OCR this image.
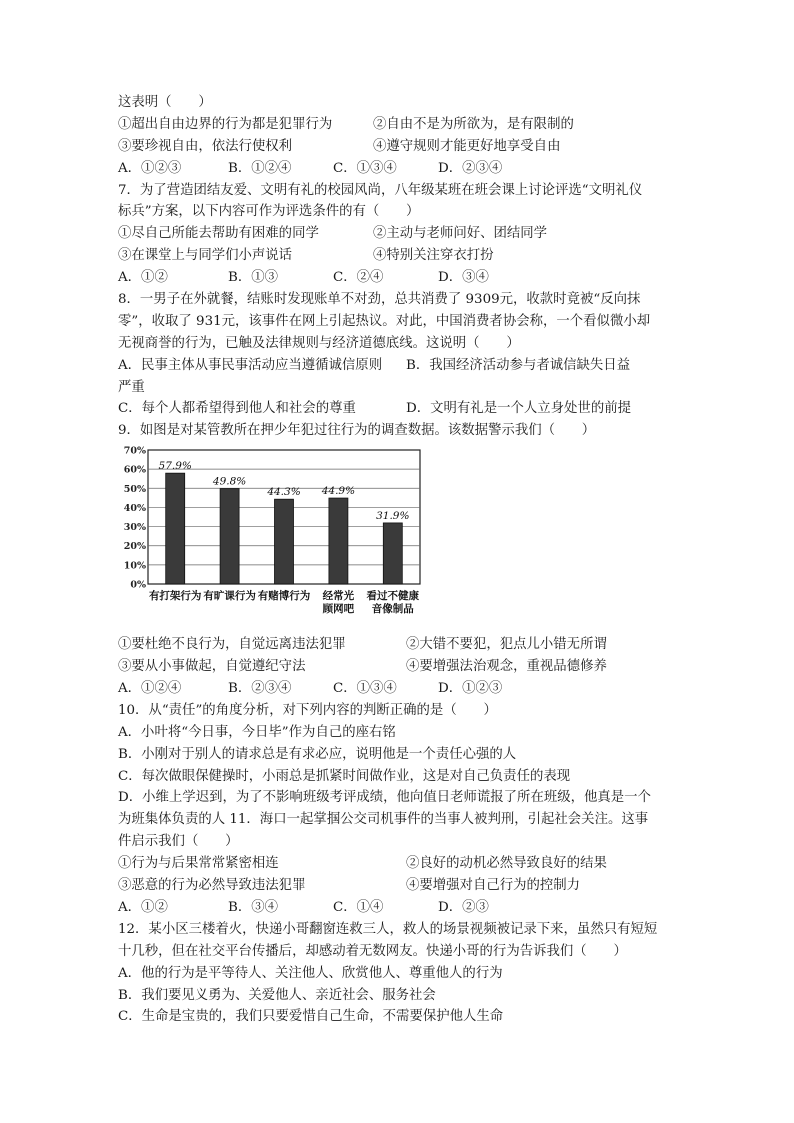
这表明（　　）
①超出自由边界的行为都是犯罪行为	②自由不是为所欲为，是有限制的
③要珍视自由，依法行使权利	④遵守规则才能更好地享受自由
A．①②③	B．①②④	C．①③④	D．②③④
7．为了营造团结友爱、文明有礼的校园风尚，八年级某班在班会课上讨论评选“文明礼仪
标兵”方案，以下内容可作为评选条件的有（　　）
①尽自己所能去帮助有困难的同学	②主动与老师问好、团结同学
③在课堂上与同学们小声说话	④特别关注穿衣打扮
A．①②	B．①③	C．②④	D．③④
8．一男子在外就餐，结账时发现账单不对劲，总共消费了 9309元，收款时竟被“反向抹
零”，收取了 931元，该事件在网上引起热议。对此，中国消费者协会称，一个看似微小却
无视商誉的行为，已触及法律规则与经济道德底线。这说明（　　）
A．民事主体从事民事活动应当遵循诚信原则 B．我国经济活动参与者诚信缺失日益
严重
C．每个人都希望得到他人和社会的尊重	D．文明有礼是一个人立身处世的前提
9．如图是对某管教所在押少年犯过往行为的调查数据。该数据警示我们（　　）
0%
10%
20%
30%
40%
50%
60%
70%
57.9%
有打架行为
49.8%
有旷课行为
44.3%
有赌博行为
44.9%
经常光
顾网吧
31.9%
看过不健康
音像制品
①要杜绝不良行为，自觉远离违法犯罪	②大错不要犯，犯点儿小错无所谓
③要从小事做起，自觉遵纪守法	④要增强法治观念，重视品德修养
A．①②④	B．②③④	C．①③④	D．①②③
10．从“责任”的角度分析，对下列内容的判断正确的是（　　）
A．小叶将“今日事，今日毕”作为自己的座右铭
B．小刚对于别人的请求总是有求必应，说明他是一个责任心强的人
C．每次做眼保健操时，小雨总是抓紧时间做作业，这是对自己负责任的表现
D．小维上学迟到，为了不影响班级考评成绩，他向值日老师谎报了所在班级，他真是一个
为班集体负责的人 11．海口一起掌掴公交司机事件的当事人被判刑，引起社会关注。这事
件启示我们（　　）
①行为与后果常常紧密相连	②良好的动机必然导致良好的结果
③恶意的行为必然导致违法犯罪	④要增强对自己行为的控制力
A．①②	B．③④	C．①④	D．②③
12．某小区三楼着火，快递小哥翻窗连救三人，救人的场景视频被记录下来，虽然只有短短
十几秒，但在社交平台传播后，却感动着无数网友。快递小哥的行为告诉我们（　　）
A．他的行为是平等待人、关注他人、欣赏他人、尊重他人的行为
B．我们要见义勇为、关爱他人、亲近社会、服务社会
C．生命是宝贵的，我们只要爱惜自己生命，不需要保护他人生命
